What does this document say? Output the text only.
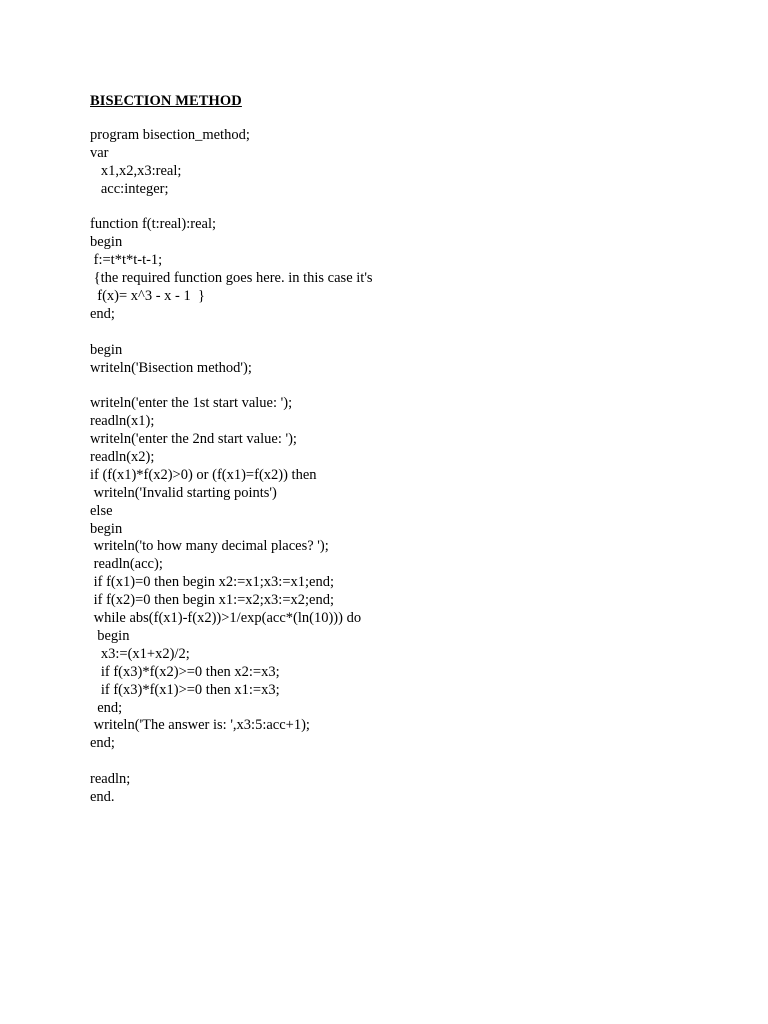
BISECTION METHOD
program bisection_method;
var
x1,x2,x3:real;
acc:integer;
function f(t:real):real;
begin
f:=t*t*t-t-1;
{the required function goes here. in this case it's
f(x)= x^3 - x - 1  }
end;
begin
writeln('Bisection method');
writeln('enter the 1st start value: ');
readln(x1);
writeln('enter the 2nd start value: ');
readln(x2);
if (f(x1)*f(x2)>0) or (f(x1)=f(x2)) then
writeln('Invalid starting points')
else
begin
writeln('to how many decimal places? ');
readln(acc);
if f(x1)=0 then begin x2:=x1;x3:=x1;end;
if f(x2)=0 then begin x1:=x2;x3:=x2;end;
while abs(f(x1)-f(x2))>1/exp(acc*(ln(10))) do
begin
x3:=(x1+x2)/2;
if f(x3)*f(x2)>=0 then x2:=x3;
if f(x3)*f(x1)>=0 then x1:=x3;
end;
writeln('The answer is: ',x3:5:acc+1);
end;
readln;
end.
